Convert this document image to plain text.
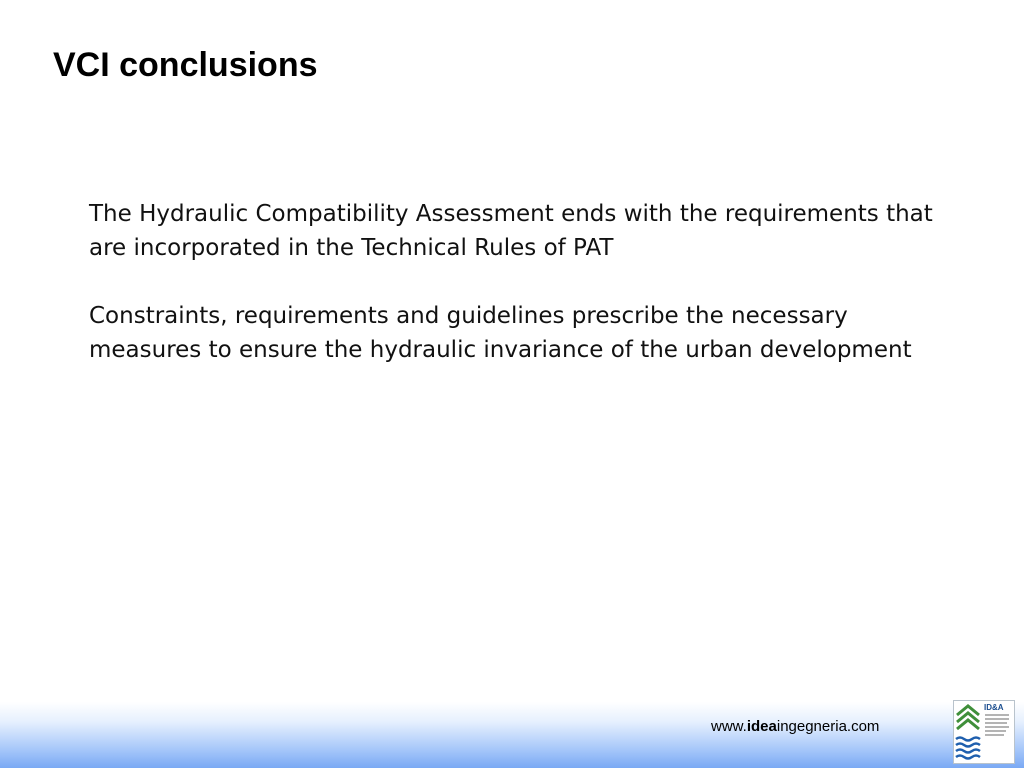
VCI conclusions

The Hydraulic Compatibility Assessment ends with the requirements that are incorporated in the Technical Rules of PAT

Constraints, requirements and guidelines prescribe the necessary measures to ensure the hydraulic invariance of the urban development

www.ideaingegneria.com
ID&A
